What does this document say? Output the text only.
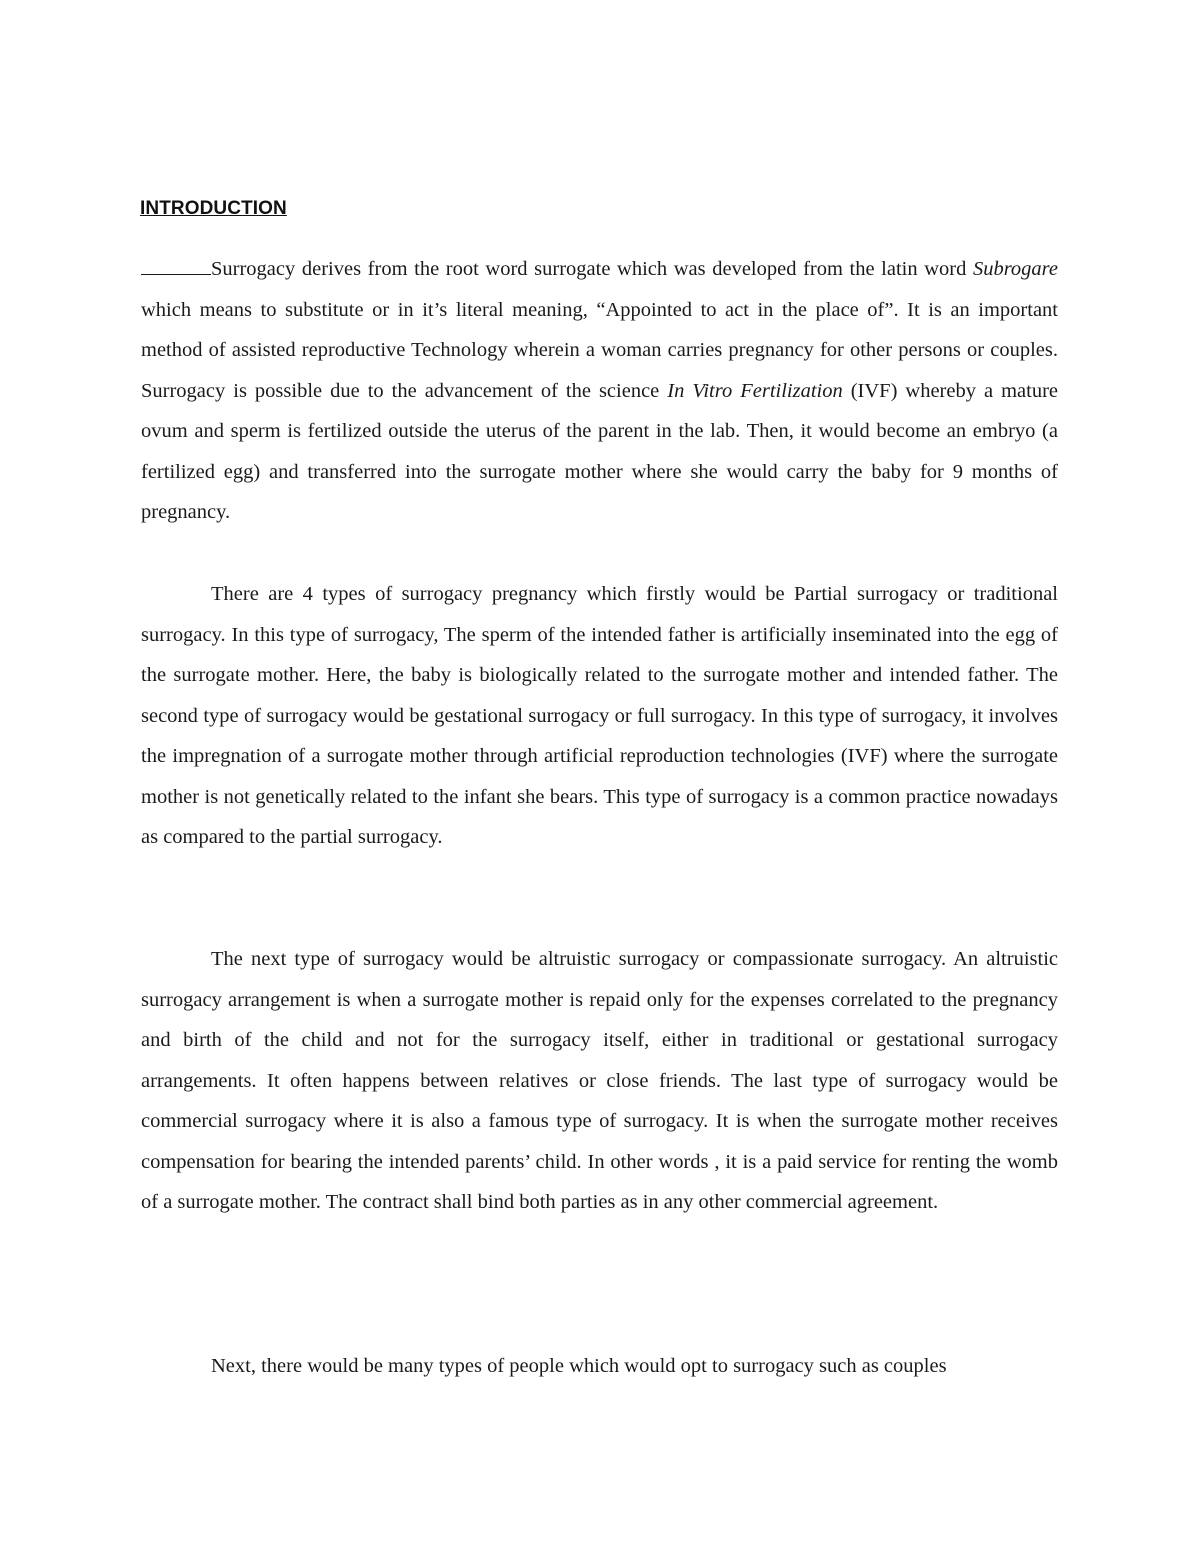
INTRODUCTION

Surrogacy derives from the root word surrogate which was developed from the latin word Subrogare which means to substitute or in it’s literal meaning, “Appointed to act in the place of”. It is an important method of assisted reproductive Technology wherein a woman carries pregnancy for other persons or couples. Surrogacy is possible due to the advancement of the science In Vitro Fertilization (IVF) whereby a mature ovum and sperm is fertilized outside the uterus of the parent in the lab. Then, it would become an embryo (a fertilized egg) and transferred into the surrogate mother where she would carry the baby for 9 months of pregnancy.

There are 4 types of surrogacy pregnancy which firstly would be Partial surrogacy or traditional surrogacy. In this type of surrogacy, The sperm of the intended father is artificially inseminated into the egg of the surrogate mother. Here, the baby is biologically related to the surrogate mother and intended father. The second type of surrogacy would be gestational surrogacy or full surrogacy. In this type of surrogacy, it involves the impregnation of a surrogate mother through artificial reproduction technologies (IVF) where the surrogate mother is not genetically related to the infant she bears. This type of surrogacy is a common practice nowadays as compared to the partial surrogacy.

The next type of surrogacy would be altruistic surrogacy or compassionate surrogacy. An altruistic surrogacy arrangement is when a surrogate mother is repaid only for the expenses correlated to the pregnancy and birth of the child and not for the surrogacy itself, either in traditional or gestational surrogacy arrangements. It often happens between relatives or close friends. The last type of surrogacy would be commercial surrogacy where it is also a famous type of surrogacy. It is when the surrogate mother receives compensation for bearing the intended parents’ child. In other words , it is a paid service for renting the womb of a surrogate mother. The contract shall bind both parties as in any other commercial agreement.

Next, there would be many types of people which would opt to surrogacy such as couples
